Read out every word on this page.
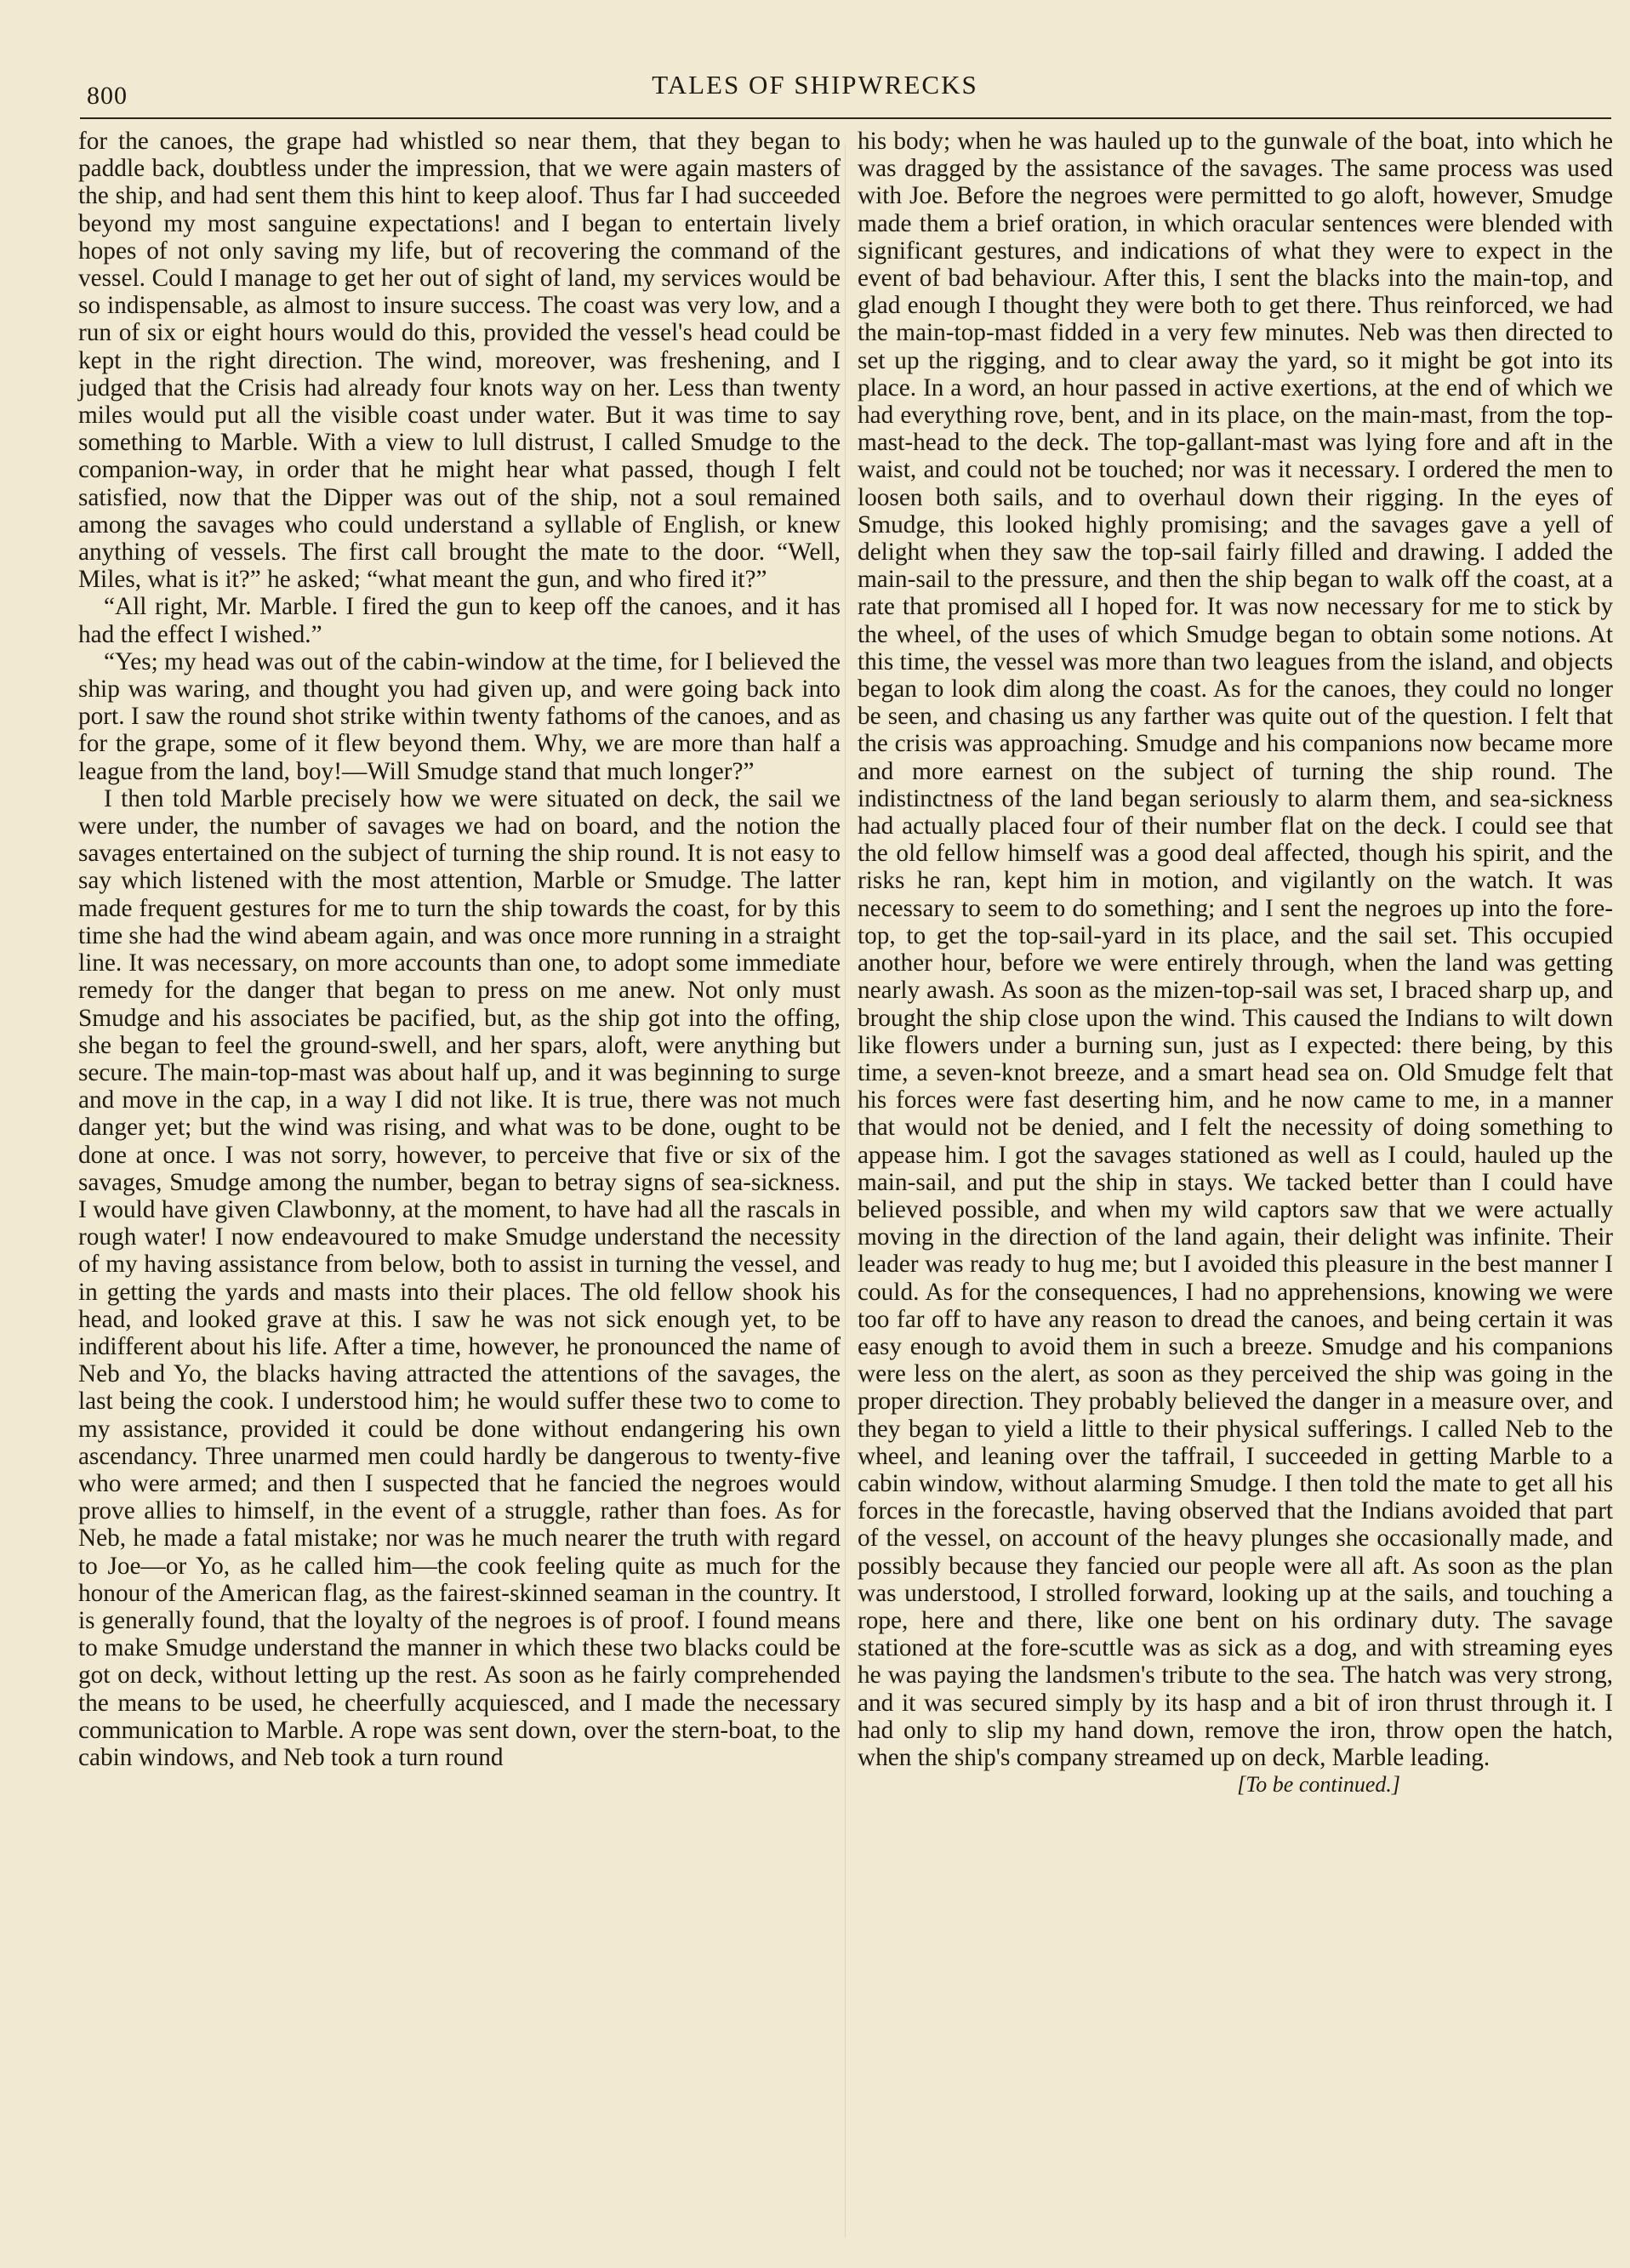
800	TALES OF SHIPWRECKS

for the canoes, the grape had whistled so near them, that they began to paddle back, doubtless under the impression, that we were again masters of the ship, and had sent them this hint to keep aloof. Thus far I had succeeded beyond my most sanguine expectations! and I began to entertain lively hopes of not only saving my life, but of recovering the command of the vessel. Could I manage to get her out of sight of land, my services would be so indispensable, as almost to insure success. The coast was very low, and a run of six or eight hours would do this, provided the vessel's head could be kept in the right direction. The wind, moreover, was freshening, and I judged that the Crisis had already four knots way on her. Less than twenty miles would put all the visible coast under water. But it was time to say something to Marble. With a view to lull distrust, I called Smudge to the companion-way, in order that he might hear what passed, though I felt satisfied, now that the Dipper was out of the ship, not a soul remained among the savages who could understand a syllable of English, or knew anything of vessels. The first call brought the mate to the door. “Well, Miles, what is it?” he asked; “what meant the gun, and who fired it?”

“All right, Mr. Marble. I fired the gun to keep off the canoes, and it has had the effect I wished.”

“Yes; my head was out of the cabin-window at the time, for I believed the ship was waring, and thought you had given up, and were going back into port. I saw the round shot strike within twenty fathoms of the canoes, and as for the grape, some of it flew beyond them. Why, we are more than half a league from the land, boy!—Will Smudge stand that much longer?”

I then told Marble precisely how we were situated on deck, the sail we were under, the number of savages we had on board, and the notion the savages entertained on the subject of turning the ship round. It is not easy to say which listened with the most attention, Marble or Smudge. The latter made frequent gestures for me to turn the ship towards the coast, for by this time she had the wind abeam again, and was once more running in a straight line. It was necessary, on more accounts than one, to adopt some immediate remedy for the danger that began to press on me anew. Not only must Smudge and his associates be pacified, but, as the ship got into the offing, she began to feel the ground-swell, and her spars, aloft, were anything but secure. The main-top-mast was about half up, and it was beginning to surge and move in the cap, in a way I did not like. It is true, there was not much danger yet; but the wind was rising, and what was to be done, ought to be done at once. I was not sorry, however, to perceive that five or six of the savages, Smudge among the number, began to betray signs of sea-sickness. I would have given Clawbonny, at the moment, to have had all the rascals in rough water! I now endeavoured to make Smudge understand the necessity of my having assistance from below, both to assist in turning the vessel, and in getting the yards and masts into their places. The old fellow shook his head, and looked grave at this. I saw he was not sick enough yet, to be indifferent about his life. After a time, however, he pronounced the name of Neb and Yo, the blacks having attracted the attentions of the savages, the last being the cook. I understood him; he would suffer these two to come to my assistance, provided it could be done without endangering his own ascendancy. Three unarmed men could hardly be dangerous to twenty-five who were armed; and then I suspected that he fancied the negroes would prove allies to himself, in the event of a struggle, rather than foes. As for Neb, he made a fatal mistake; nor was he much nearer the truth with regard to Joe—or Yo, as he called him—the cook feeling quite as much for the honour of the American flag, as the fairest-skinned seaman in the country. It is generally found, that the loyalty of the negroes is of proof. I found means to make Smudge understand the manner in which these two blacks could be got on deck, without letting up the rest. As soon as he fairly comprehended the means to be used, he cheerfully acquiesced, and I made the necessary communication to Marble. A rope was sent down, over the stern-boat, to the cabin windows, and Neb took a turn round

his body; when he was hauled up to the gunwale of the boat, into which he was dragged by the assistance of the savages. The same process was used with Joe. Before the negroes were permitted to go aloft, however, Smudge made them a brief oration, in which oracular sentences were blended with significant gestures, and indications of what they were to expect in the event of bad behaviour. After this, I sent the blacks into the main-top, and glad enough I thought they were both to get there. Thus reinforced, we had the main-top-mast fidded in a very few minutes. Neb was then directed to set up the rigging, and to clear away the yard, so it might be got into its place. In a word, an hour passed in active exertions, at the end of which we had everything rove, bent, and in its place, on the main-mast, from the top-mast-head to the deck. The top-gallant-mast was lying fore and aft in the waist, and could not be touched; nor was it necessary. I ordered the men to loosen both sails, and to overhaul down their rigging. In the eyes of Smudge, this looked highly promising; and the savages gave a yell of delight when they saw the top-sail fairly filled and drawing. I added the main-sail to the pressure, and then the ship began to walk off the coast, at a rate that promised all I hoped for. It was now necessary for me to stick by the wheel, of the uses of which Smudge began to obtain some notions. At this time, the vessel was more than two leagues from the island, and objects began to look dim along the coast. As for the canoes, they could no longer be seen, and chasing us any farther was quite out of the question. I felt that the crisis was approaching. Smudge and his companions now became more and more earnest on the subject of turning the ship round. The indistinctness of the land began seriously to alarm them, and sea-sickness had actually placed four of their number flat on the deck. I could see that the old fellow himself was a good deal affected, though his spirit, and the risks he ran, kept him in motion, and vigilantly on the watch. It was necessary to seem to do something; and I sent the negroes up into the fore-top, to get the top-sail-yard in its place, and the sail set. This occupied another hour, before we were entirely through, when the land was getting nearly awash. As soon as the mizen-top-sail was set, I braced sharp up, and brought the ship close upon the wind. This caused the Indians to wilt down like flowers under a burning sun, just as I expected: there being, by this time, a seven-knot breeze, and a smart head sea on. Old Smudge felt that his forces were fast deserting him, and he now came to me, in a manner that would not be denied, and I felt the necessity of doing something to appease him. I got the savages stationed as well as I could, hauled up the main-sail, and put the ship in stays. We tacked better than I could have believed possible, and when my wild captors saw that we were actually moving in the direction of the land again, their delight was infinite. Their leader was ready to hug me; but I avoided this pleasure in the best manner I could. As for the consequences, I had no apprehensions, knowing we were too far off to have any reason to dread the canoes, and being certain it was easy enough to avoid them in such a breeze. Smudge and his companions were less on the alert, as soon as they perceived the ship was going in the proper direction. They probably believed the danger in a measure over, and they began to yield a little to their physical sufferings. I called Neb to the wheel, and leaning over the taffrail, I succeeded in getting Marble to a cabin window, without alarming Smudge. I then told the mate to get all his forces in the forecastle, having observed that the Indians avoided that part of the vessel, on account of the heavy plunges she occasionally made, and possibly because they fancied our people were all aft. As soon as the plan was understood, I strolled forward, looking up at the sails, and touching a rope, here and there, like one bent on his ordinary duty. The savage stationed at the fore-scuttle was as sick as a dog, and with streaming eyes he was paying the landsmen's tribute to the sea. The hatch was very strong, and it was secured simply by its hasp and a bit of iron thrust through it. I had only to slip my hand down, remove the iron, throw open the hatch, when the ship's company streamed up on deck, Marble leading.

[To be continued.]
